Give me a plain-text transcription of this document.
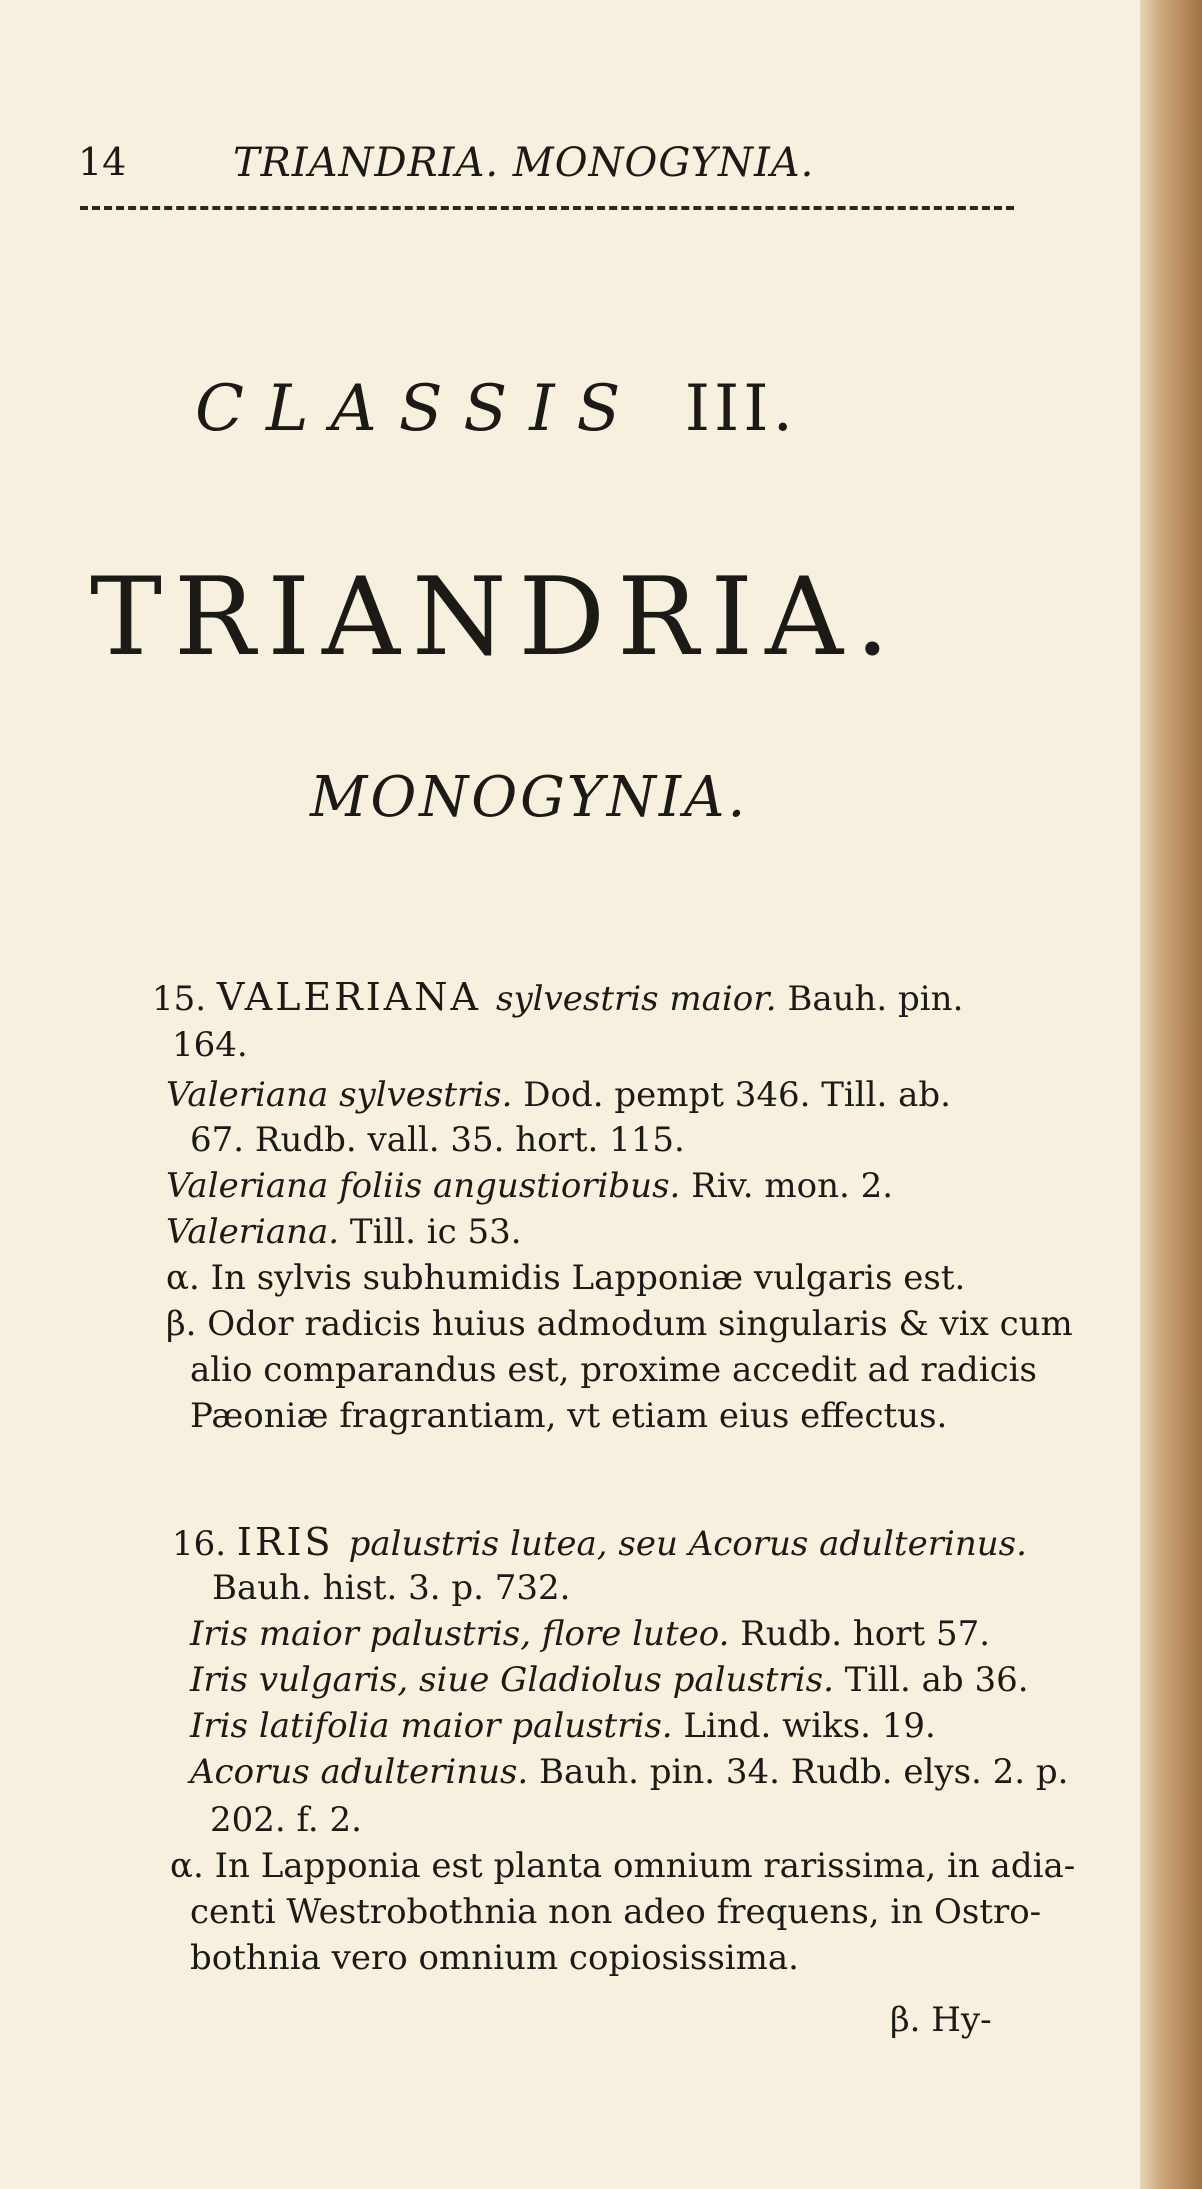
14	TRIANDRIA. MONOGYNIA.
CLASSIS III.
TRIANDRIA.
MONOGYNIA.
15. VALERIANA sylvestris maior. Bauh. pin.
164.
Valeriana sylvestris. Dod. pempt 346. Till. ab.
67. Rudb. vall. 35. hort. 115.
Valeriana foliis angustioribus. Riv. mon. 2.
Valeriana. Till. ic 53.
α. In sylvis subhumidis Lapponiæ vulgaris est.
β. Odor radicis huius admodum singularis & vix cum
alio comparandus est, proxime accedit ad radicis
Pæoniæ fragrantiam, vt etiam eius effectus.
16. IRIS palustris lutea, seu Acorus adulterinus.
Bauh. hist. 3. p. 732.
Iris maior palustris, flore luteo. Rudb. hort 57.
Iris vulgaris, siue Gladiolus palustris. Till. ab 36.
Iris latifolia maior palustris. Lind. wiks. 19.
Acorus adulterinus. Bauh. pin. 34. Rudb. elys. 2. p.
202. f. 2.
α. In Lapponia est planta omnium rarissima, in adia-
centi Westrobothnia non adeo frequens, in Ostro-
bothnia vero omnium copiosissima.
β. Hy-
